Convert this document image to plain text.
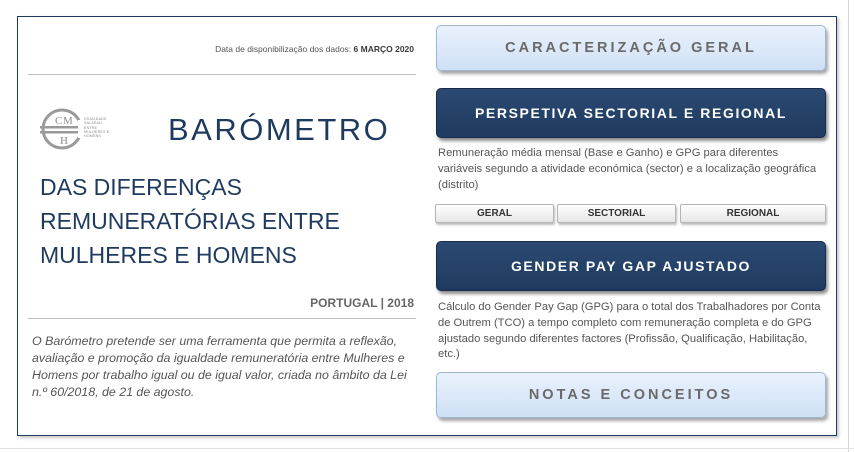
Data de disponibilização dos dados: 6 MARÇO 2020
C M
H
IGUALDADE SALARIAL ENTRE MULHERES E HOMENS	BARÓMETRO
DAS DIFERENÇAS
REMUNERATÓRIAS ENTRE
MULHERES E HOMENS
PORTUGAL | 2018
O Barómetro pretende ser uma ferramenta que permita a reflexão, avaliação e promoção da igualdade remuneratória entre Mulheres e Homens por trabalho igual ou de igual valor, criada no âmbito da Lei n.º 60/2018, de 21 de agosto.
CARACTERIZAÇÃO GERAL
PERSPETIVA SECTORIAL E REGIONAL
Remuneração média mensal (Base e Ganho) e GPG para diferentes variáveis segundo a atividade económica (sector) e a localização geográfica (distrito)
GERAL	SECTORIAL	REGIONAL
GENDER PAY GAP AJUSTADO
Cálculo do Gender Pay Gap (GPG) para o total dos Trabalhadores por Conta de Outrem (TCO) a tempo completo com remuneração completa e do GPG ajustado segundo diferentes factores (Profissão, Qualificação, Habilitação, etc.)
NOTAS E CONCEITOS
